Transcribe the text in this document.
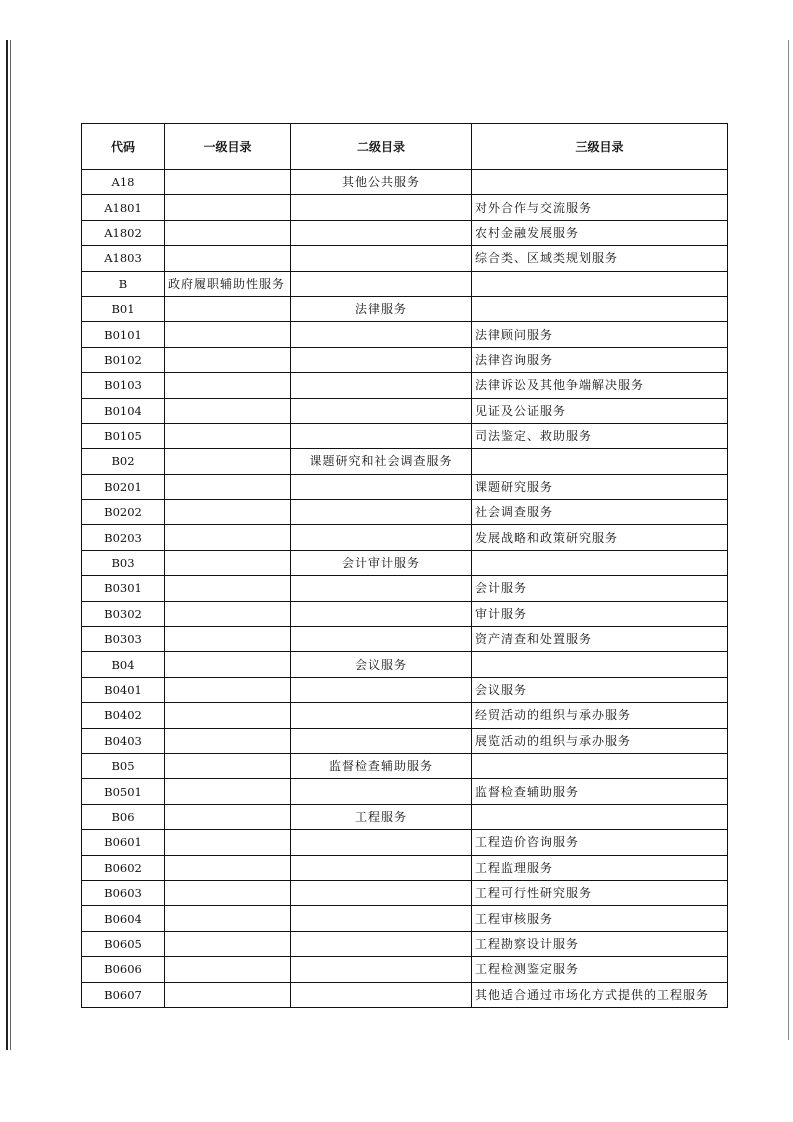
代码	一级目录	二级目录	三级目录
A18		其他公共服务	
A1801			对外合作与交流服务
A1802			农村金融发展服务
A1803			综合类、区域类规划服务
B	政府履职辅助性服务		
B01		法律服务	
B0101			法律顾问服务
B0102			法律咨询服务
B0103			法律诉讼及其他争端解决服务
B0104			见证及公证服务
B0105			司法鉴定、救助服务
B02		课题研究和社会调查服务	
B0201			课题研究服务
B0202			社会调查服务
B0203			发展战略和政策研究服务
B03		会计审计服务	
B0301			会计服务
B0302			审计服务
B0303			资产清查和处置服务
B04		会议服务	
B0401			会议服务
B0402			经贸活动的组织与承办服务
B0403			展览活动的组织与承办服务
B05		监督检查辅助服务	
B0501			监督检查辅助服务
B06		工程服务	
B0601			工程造价咨询服务
B0602			工程监理服务
B0603			工程可行性研究服务
B0604			工程审核服务
B0605			工程勘察设计服务
B0606			工程检测鉴定服务
B0607			其他适合通过市场化方式提供的工程服务
